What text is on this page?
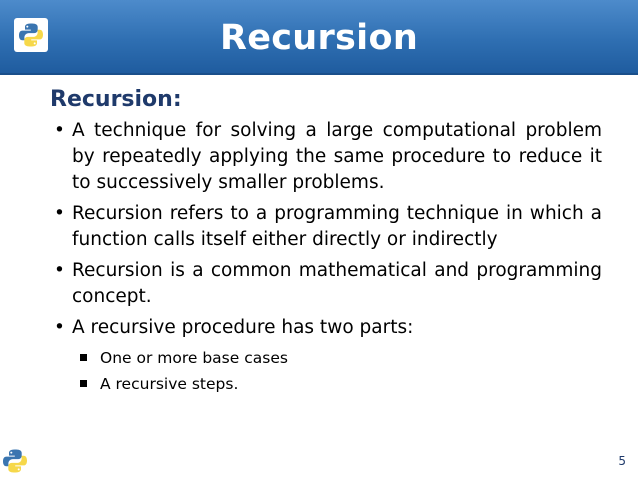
Recursion
Recursion:
• A technique for solving a large computational problem by repeatedly applying the same procedure to reduce it to successively smaller problems.
• Recursion refers to a programming technique in which a function calls itself either directly or indirectly
• Recursion is a common mathematical and programming concept.
• A recursive procedure has two parts:
One or more base cases
A recursive steps.
5
